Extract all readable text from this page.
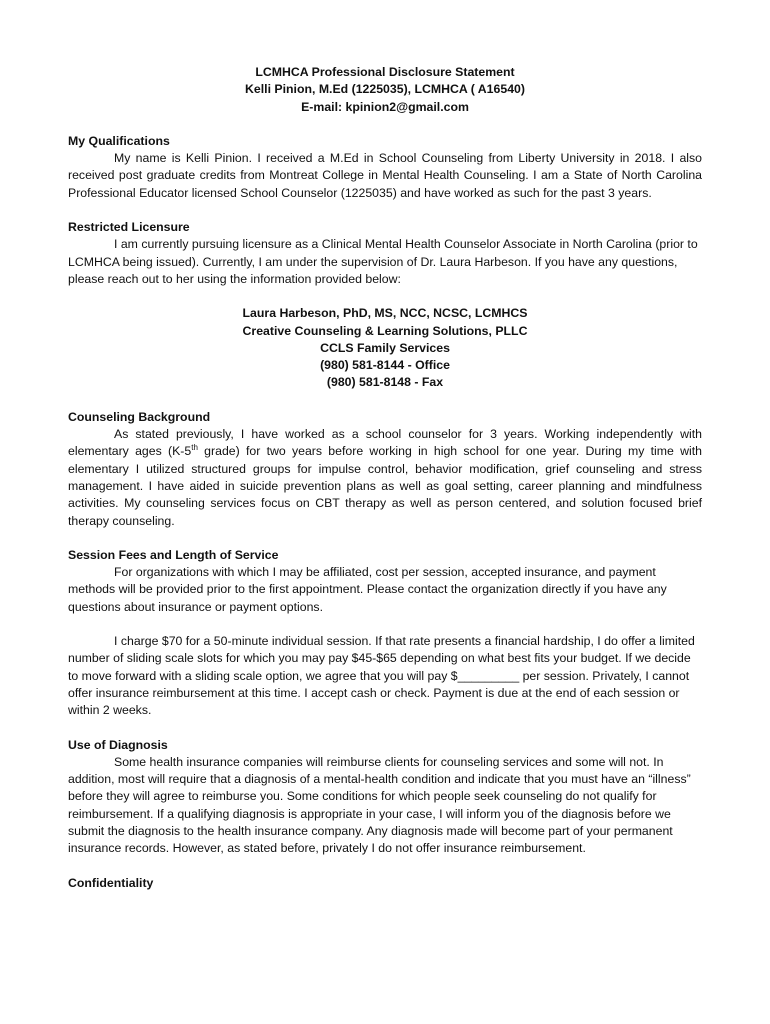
LCMHCA Professional Disclosure Statement
Kelli Pinion, M.Ed (1225035), LCMHCA ( A16540)
E-mail: kpinion2@gmail.com

My Qualifications

My name is Kelli Pinion. I received a M.Ed in School Counseling from Liberty University in 2018. I also received post graduate credits from Montreat College in Mental Health Counseling. I am a State of North Carolina Professional Educator licensed School Counselor (1225035) and have worked as such for the past 3 years.

Restricted Licensure

I am currently pursuing licensure as a Clinical Mental Health Counselor Associate in North Carolina (prior to LCMHCA being issued). Currently, I am under the supervision of Dr. Laura Harbeson. If you have any questions, please reach out to her using the information provided below:

Laura Harbeson, PhD, MS, NCC, NCSC, LCMHCS
Creative Counseling & Learning Solutions, PLLC
CCLS Family Services
(980) 581-8144 - Office
(980) 581-8148 - Fax

Counseling Background

As stated previously, I have worked as a school counselor for 3 years. Working independently with elementary ages (K-5th grade) for two years before working in high school for one year. During my time with elementary I utilized structured groups for impulse control, behavior modification, grief counseling and stress management. I have aided in suicide prevention plans as well as goal setting, career planning and mindfulness activities. My counseling services focus on CBT therapy as well as person centered, and solution focused brief therapy counseling.

Session Fees and Length of Service

For organizations with which I may be affiliated, cost per session, accepted insurance, and payment methods will be provided prior to the first appointment. Please contact the organization directly if you have any questions about insurance or payment options.

I charge $70 for a 50-minute individual session. If that rate presents a financial hardship, I do offer a limited number of sliding scale slots for which you may pay $45-$65 depending on what best fits your budget. If we decide to move forward with a sliding scale option, we agree that you will pay $_________ per session. Privately, I cannot offer insurance reimbursement at this time. I accept cash or check. Payment is due at the end of each session or within 2 weeks.

Use of Diagnosis

Some health insurance companies will reimburse clients for counseling services and some will not. In addition, most will require that a diagnosis of a mental-health condition and indicate that you must have an “illness” before they will agree to reimburse you. Some conditions for which people seek counseling do not qualify for reimbursement. If a qualifying diagnosis is appropriate in your case, I will inform you of the diagnosis before we submit the diagnosis to the health insurance company. Any diagnosis made will become part of your permanent insurance records. However, as stated before, privately I do not offer insurance reimbursement.

Confidentiality
